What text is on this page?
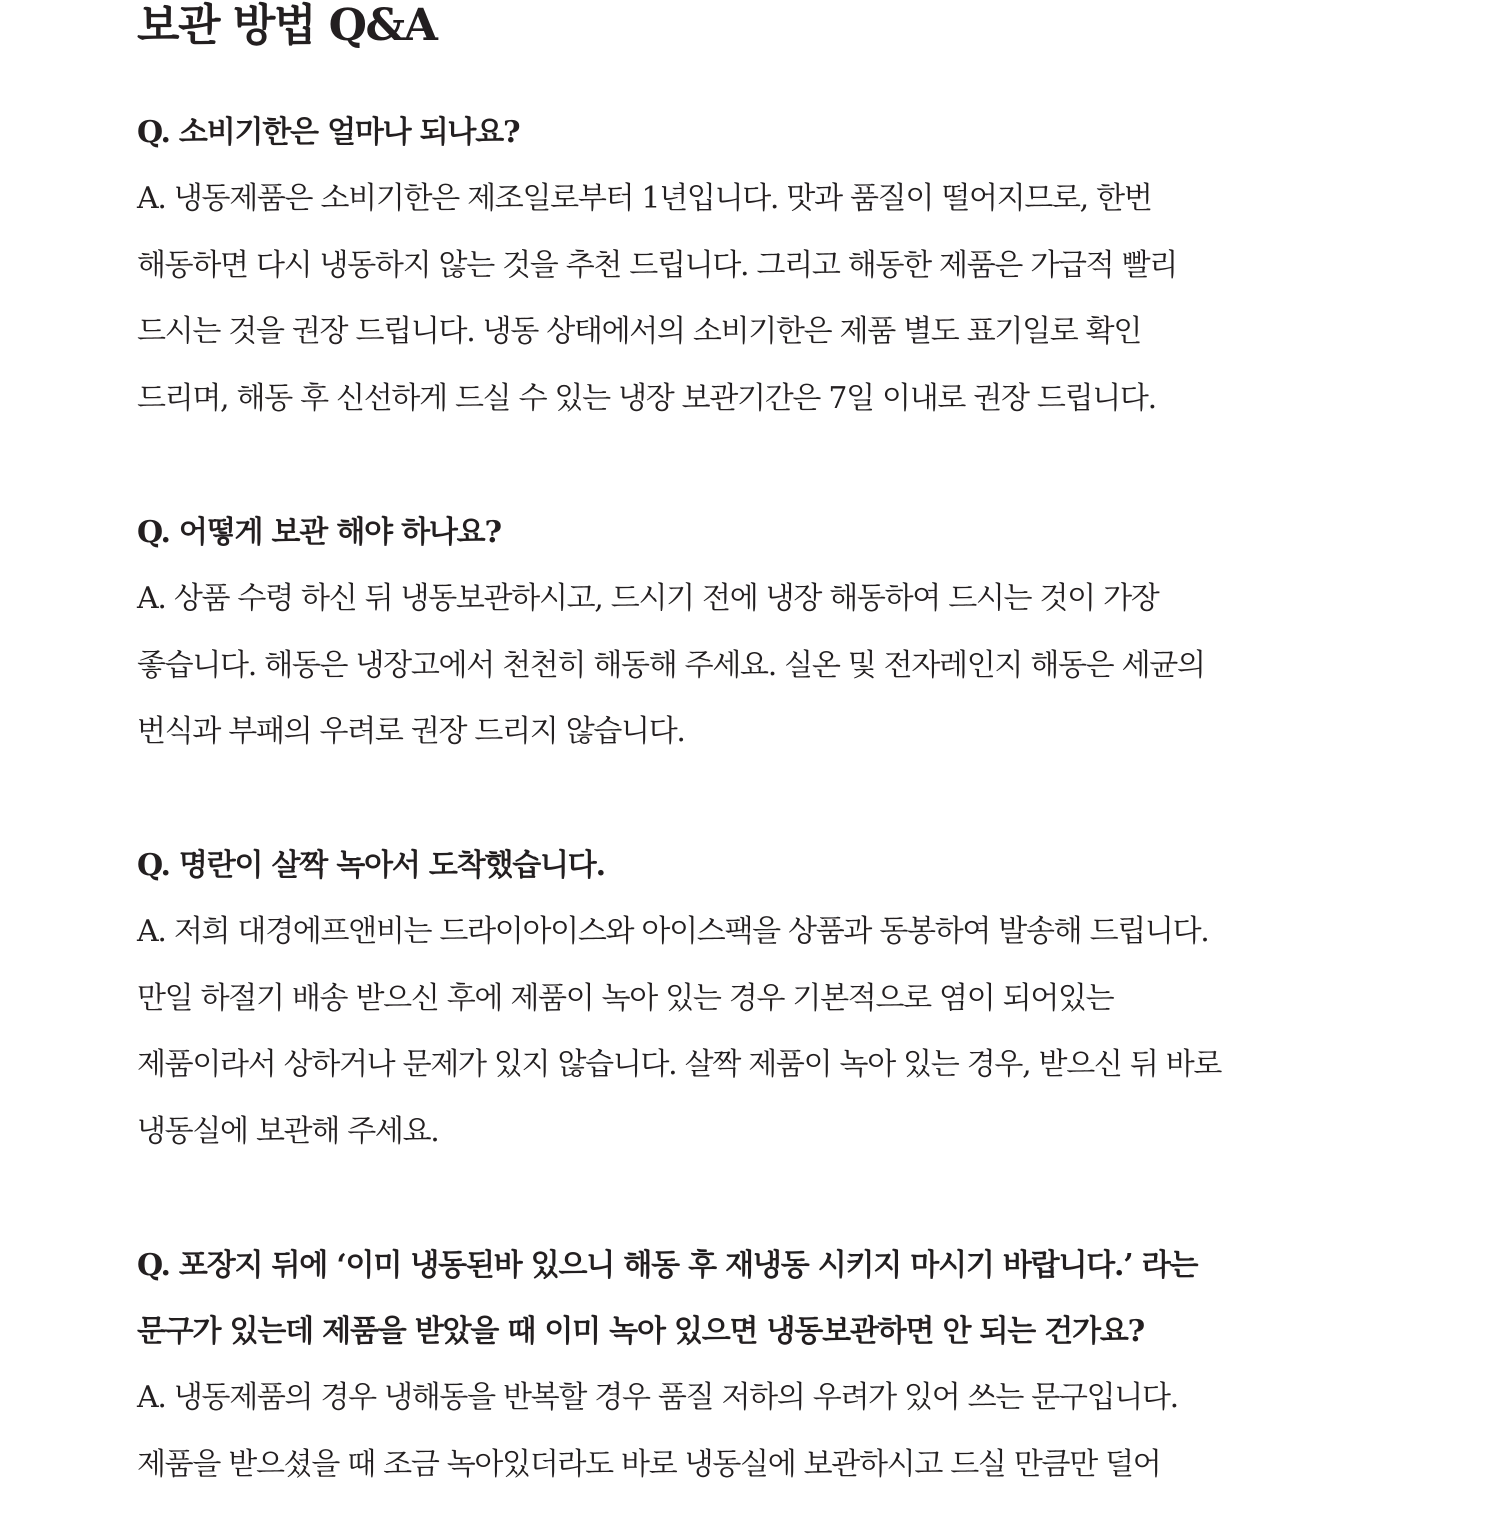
보관 방법 Q&A

Q. 소비기한은 얼마나 되나요?

A. 냉동제품은 소비기한은 제조일로부터 1년입니다. 맛과 품질이 떨어지므로, 한번
해동하면 다시 냉동하지 않는 것을 추천 드립니다. 그리고 해동한 제품은 가급적 빨리
드시는 것을 권장 드립니다. 냉동 상태에서의 소비기한은 제품 별도 표기일로 확인
드리며, 해동 후 신선하게 드실 수 있는 냉장 보관기간은 7일 이내로 권장 드립니다.

Q. 어떻게 보관 해야 하나요?

A. 상품 수령 하신 뒤 냉동보관하시고, 드시기 전에 냉장 해동하여 드시는 것이 가장
좋습니다. 해동은 냉장고에서 천천히 해동해 주세요. 실온 및 전자레인지 해동은 세균의
번식과 부패의 우려로 권장 드리지 않습니다.

Q. 명란이 살짝 녹아서 도착했습니다.

A. 저희 대경에프앤비는 드라이아이스와 아이스팩을 상품과 동봉하여 발송해 드립니다.
만일 하절기 배송 받으신 후에 제품이 녹아 있는 경우 기본적으로 염이 되어있는
제품이라서 상하거나 문제가 있지 않습니다. 살짝 제품이 녹아 있는 경우, 받으신 뒤 바로
냉동실에 보관해 주세요.

Q. 포장지 뒤에 ‘이미 냉동된바 있으니 해동 후 재냉동 시키지 마시기 바랍니다.’ 라는
문구가 있는데 제품을 받았을 때 이미 녹아 있으면 냉동보관하면 안 되는 건가요?

A. 냉동제품의 경우 냉해동을 반복할 경우 품질 저하의 우려가 있어 쓰는 문구입니다.
제품을 받으셨을 때 조금 녹아있더라도 바로 냉동실에 보관하시고 드실 만큼만 덜어
